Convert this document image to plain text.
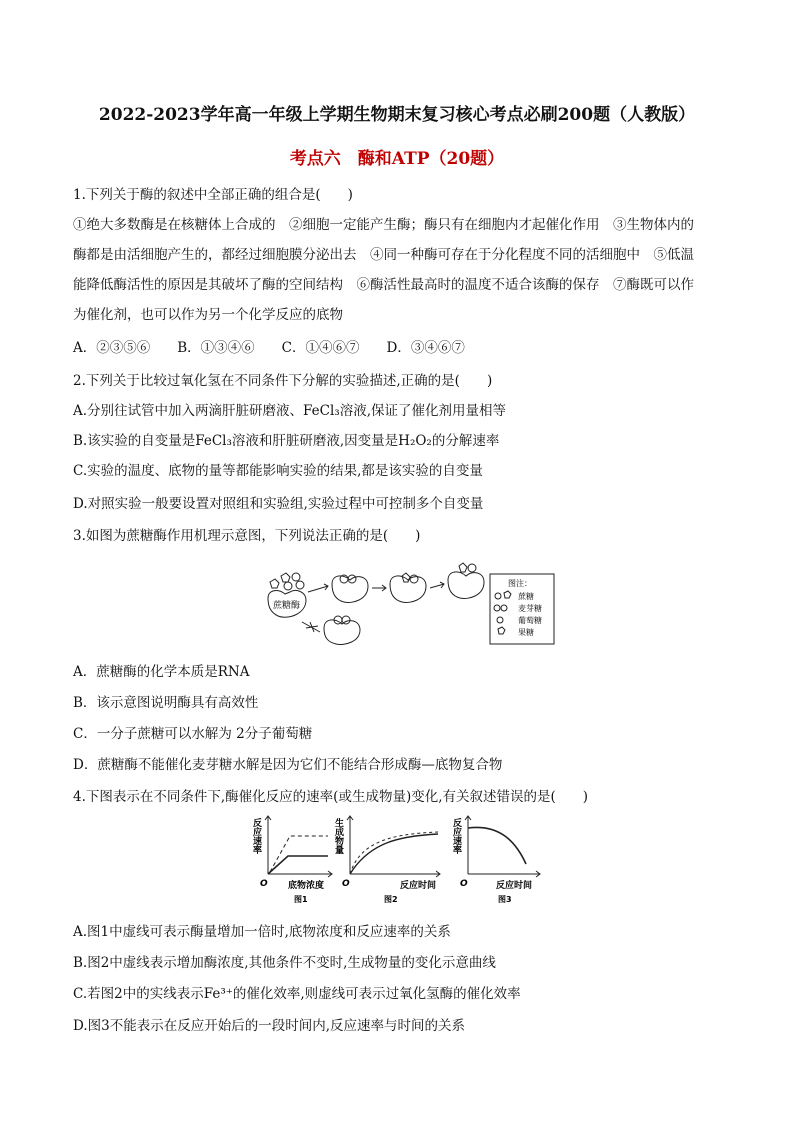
2022-2023学年高一年级上学期生物期末复习核心考点必刷200题（人教版）
考点六　酶和ATP（20题）
1.下列关于酶的叙述中全部正确的组合是(　　)
①绝大多数酶是在核糖体上合成的　②细胞一定能产生酶；酶只有在细胞内才起催化作用　③生物体内的
酶都是由活细胞产生的，都经过细胞膜分泌出去　④同一种酶可存在于分化程度不同的活细胞中　⑤低温
能降低酶活性的原因是其破坏了酶的空间结构　⑥酶活性最高时的温度不适合该酶的保存　⑦酶既可以作
为催化剂，也可以作为另一个化学反应的底物
A．②③⑤⑥　　B．①③④⑥　　C．①④⑥⑦　　D．③④⑥⑦
2.下列关于比较过氧化氢在不同条件下分解的实验描述,正确的是(　　)
A.分别往试管中加入两滴肝脏研磨液、FeCl₃溶液,保证了催化剂用量相等
B.该实验的自变量是FeCl₃溶液和肝脏研磨液,因变量是H₂O₂的分解速率
C.实验的温度、底物的量等都能影响实验的结果,都是该实验的自变量
D.对照实验一般要设置对照组和实验组,实验过程中可控制多个自变量
3.如图为蔗糖酶作用机理示意图，下列说法正确的是(　　)
蔗糖酶
图注：
蔗糖
麦芽糖
葡萄糖
果糖
A．蔗糖酶的化学本质是RNA
B．该示意图说明酶具有高效性
C．一分子蔗糖可以水解为 2分子葡萄糖
D．蔗糖酶不能催化麦芽糖水解是因为它们不能结合形成酶—底物复合物
4.下图表示在不同条件下,酶催化反应的速率(或生成物量)变化,有关叙述错误的是(　　)
反应速率
O 底物浓度
图1
生成物量
O	反应时间
图2
反应速率
O	反应时间
图3
A.图1中虚线可表示酶量增加一倍时,底物浓度和反应速率的关系
B.图2中虚线表示增加酶浓度,其他条件不变时,生成物量的变化示意曲线
C.若图2中的实线表示Fe³⁺的催化效率,则虚线可表示过氧化氢酶的催化效率
D.图3不能表示在反应开始后的一段时间内,反应速率与时间的关系
